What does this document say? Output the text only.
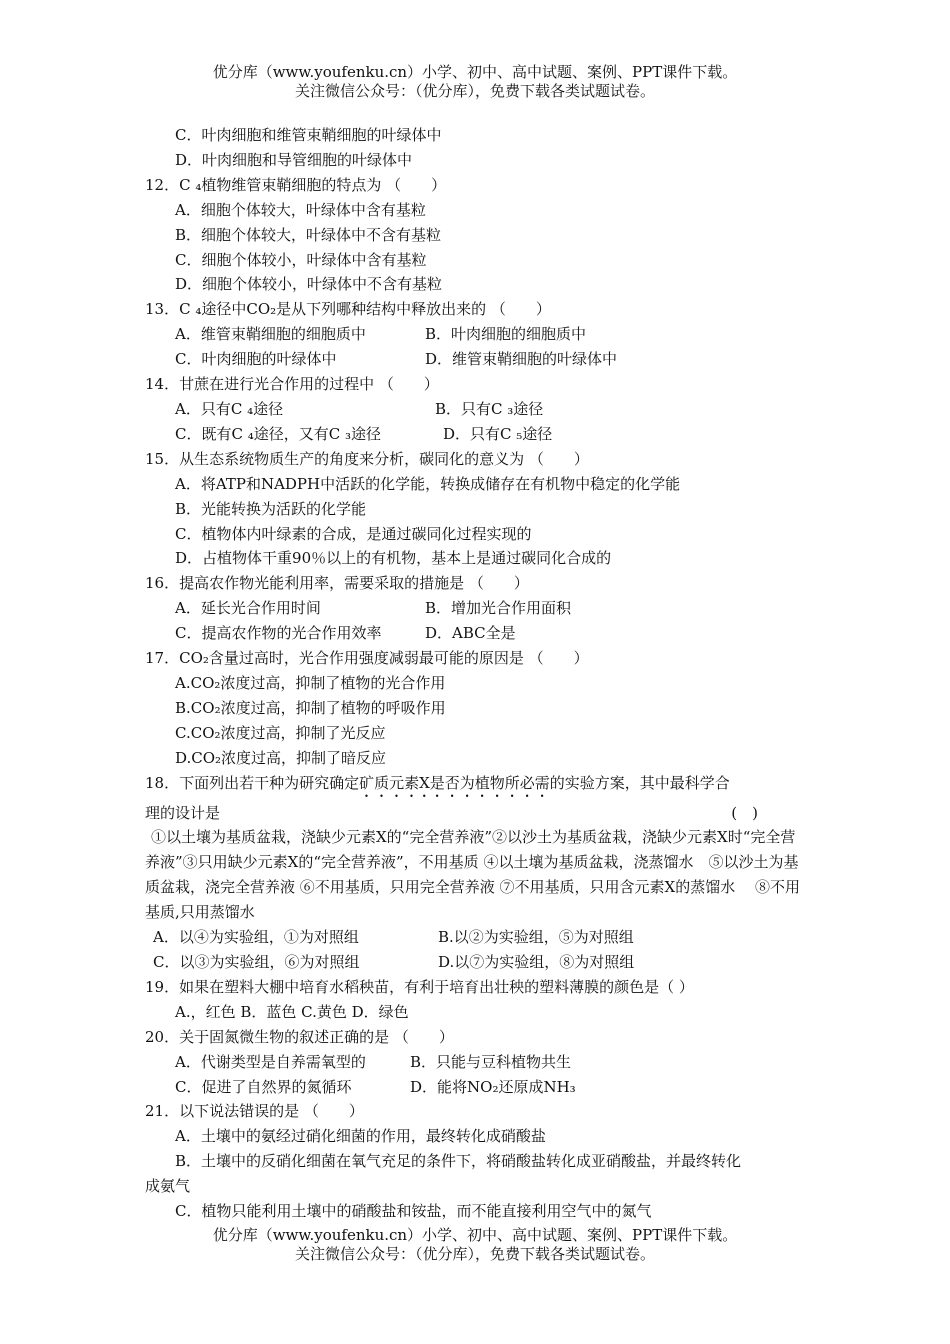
优分库（www.youfenku.cn）小学、初中、高中试题、案例、PPT课件下载。
关注微信公众号：（优分库），免费下载各类试题试卷。
C．叶肉细胞和维管束鞘细胞的叶绿体中
D．叶肉细胞和导管细胞的叶绿体中
12．C ₄植物维管束鞘细胞的特点为 （　　）
A．细胞个体较大，叶绿体中含有基粒
B．细胞个体较大，叶绿体中不含有基粒
C．细胞个体较小，叶绿体中含有基粒
D．细胞个体较小，叶绿体中不含有基粒
13．C ₄途径中CO₂是从下列哪种结构中释放出来的 （　　）
A．维管束鞘细胞的细胞质中	B．叶肉细胞的细胞质中
C．叶肉细胞的叶绿体中	D．维管束鞘细胞的叶绿体中
14．甘蔗在进行光合作用的过程中 （　　）
A．只有C ₄途径	B．只有C ₃途径
C．既有C ₄途径，又有C ₃途径	D．只有C ₅途径
15．从生态系统物质生产的角度来分析，碳同化的意义为 （　　）
A．将ATP和NADPH中活跃的化学能，转换成储存在有机物中稳定的化学能
B．光能转换为活跃的化学能
C．植物体内叶绿素的合成，是通过碳同化过程实现的
D．占植物体干重90％以上的有机物，基本上是通过碳同化合成的
16．提高农作物光能利用率，需要采取的措施是 （　　）
A．延长光合作用时间	B．增加光合作用面积
C．提高农作物的光合作用效率	D．ABC全是
17．CO₂含量过高时，光合作用强度减弱最可能的原因是 （　　）
A.CO₂浓度过高，抑制了植物的光合作用
B.CO₂浓度过高，抑制了植物的呼吸作用
C.CO₂浓度过高，抑制了光反应
D.CO₂浓度过高，抑制了暗反应
18．下面列出若干种为研究确定矿质元素X是否为植物所必需的实验方案，其中最科学合
理的设计是	(　)
①以土壤为基质盆栽，浇缺少元素X的“完全营养液”②以沙土为基质盆栽，浇缺少元素X时“完全营养液”③只用缺少元素X的“完全营养液”，不用基质 ④以土壤为基质盆栽，浇蒸馏水　⑤以沙土为基质盆栽，浇完全营养液 ⑥不用基质，只用完全营养液 ⑦不用基质，只用含元素X的蒸馏水　 ⑧不用基质,只用蒸馏水
A．以④为实验组，①为对照组	B.以②为实验组，⑤为对照组
C．以③为实验组，⑥为对照组	D.以⑦为实验组，⑧为对照组
19．如果在塑料大棚中培育水稻秧苗，有利于培育出壮秧的塑料薄膜的颜色是（ ）
A.，红色 B．蓝色 C.黄色 D．绿色
20．关于固氮微生物的叙述正确的是 （　　）
A．代谢类型是自养需氧型的	B．只能与豆科植物共生
C．促进了自然界的氮循环	D．能将NO₂还原成NH₃
21．以下说法错误的是 （　　）
A．土壤中的氨经过硝化细菌的作用，最终转化成硝酸盐
B．土壤中的反硝化细菌在氧气充足的条件下，将硝酸盐转化成亚硝酸盐，并最终转化
成氨气
C．植物只能利用土壤中的硝酸盐和铵盐，而不能直接利用空气中的氮气
优分库（www.youfenku.cn）小学、初中、高中试题、案例、PPT课件下载。
关注微信公众号：（优分库），免费下载各类试题试卷。
